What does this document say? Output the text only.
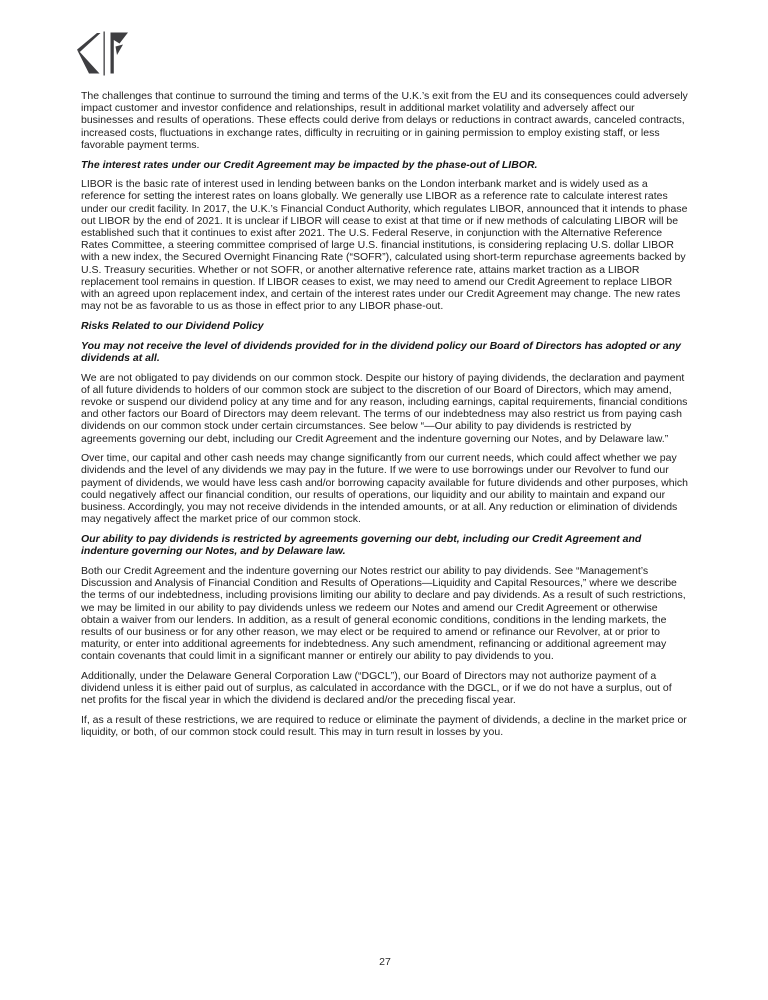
The challenges that continue to surround the timing and terms of the U.K.’s exit from the EU and its consequences could adversely impact customer and investor confidence and relationships, result in additional market volatility and adversely affect our businesses and results of operations. These effects could derive from delays or reductions in contract awards, canceled contracts, increased costs, fluctuations in exchange rates, difficulty in recruiting or in gaining permission to employ existing staff, or less favorable payment terms.

The interest rates under our Credit Agreement may be impacted by the phase-out of LIBOR.

LIBOR is the basic rate of interest used in lending between banks on the London interbank market and is widely used as a reference for setting the interest rates on loans globally. We generally use LIBOR as a reference rate to calculate interest rates under our credit facility. In 2017, the U.K.’s Financial Conduct Authority, which regulates LIBOR, announced that it intends to phase out LIBOR by the end of 2021. It is unclear if LIBOR will cease to exist at that time or if new methods of calculating LIBOR will be established such that it continues to exist after 2021. The U.S. Federal Reserve, in conjunction with the Alternative Reference Rates Committee, a steering committee comprised of large U.S. financial institutions, is considering replacing U.S. dollar LIBOR with a new index, the Secured Overnight Financing Rate (“SOFR”), calculated using short-term repurchase agreements backed by U.S. Treasury securities. Whether or not SOFR, or another alternative reference rate, attains market traction as a LIBOR replacement tool remains in question. If LIBOR ceases to exist, we may need to amend our Credit Agreement to replace LIBOR with an agreed upon replacement index, and certain of the interest rates under our Credit Agreement may change. The new rates may not be as favorable to us as those in effect prior to any LIBOR phase-out.

Risks Related to our Dividend Policy

You may not receive the level of dividends provided for in the dividend policy our Board of Directors has adopted or any dividends at all.

We are not obligated to pay dividends on our common stock. Despite our history of paying dividends, the declaration and payment of all future dividends to holders of our common stock are subject to the discretion of our Board of Directors, which may amend, revoke or suspend our dividend policy at any time and for any reason, including earnings, capital requirements, financial conditions and other factors our Board of Directors may deem relevant. The terms of our indebtedness may also restrict us from paying cash dividends on our common stock under certain circumstances. See below “—Our ability to pay dividends is restricted by agreements governing our debt, including our Credit Agreement and the indenture governing our Notes, and by Delaware law.”

Over time, our capital and other cash needs may change significantly from our current needs, which could affect whether we pay dividends and the level of any dividends we may pay in the future. If we were to use borrowings under our Revolver to fund our payment of dividends, we would have less cash and/or borrowing capacity available for future dividends and other purposes, which could negatively affect our financial condition, our results of operations, our liquidity and our ability to maintain and expand our business. Accordingly, you may not receive dividends in the intended amounts, or at all. Any reduction or elimination of dividends may negatively affect the market price of our common stock.

Our ability to pay dividends is restricted by agreements governing our debt, including our Credit Agreement and indenture governing our Notes, and by Delaware law.

Both our Credit Agreement and the indenture governing our Notes restrict our ability to pay dividends. See “Management’s Discussion and Analysis of Financial Condition and Results of Operations—Liquidity and Capital Resources,” where we describe the terms of our indebtedness, including provisions limiting our ability to declare and pay dividends. As a result of such restrictions, we may be limited in our ability to pay dividends unless we redeem our Notes and amend our Credit Agreement or otherwise obtain a waiver from our lenders. In addition, as a result of general economic conditions, conditions in the lending markets, the results of our business or for any other reason, we may elect or be required to amend or refinance our Revolver, at or prior to maturity, or enter into additional agreements for indebtedness. Any such amendment, refinancing or additional agreement may contain covenants that could limit in a significant manner or entirely our ability to pay dividends to you.

Additionally, under the Delaware General Corporation Law (“DGCL”), our Board of Directors may not authorize payment of a dividend unless it is either paid out of surplus, as calculated in accordance with the DGCL, or if we do not have a surplus, out of net profits for the fiscal year in which the dividend is declared and/or the preceding fiscal year.

If, as a result of these restrictions, we are required to reduce or eliminate the payment of dividends, a decline in the market price or liquidity, or both, of our common stock could result. This may in turn result in losses by you.

27
